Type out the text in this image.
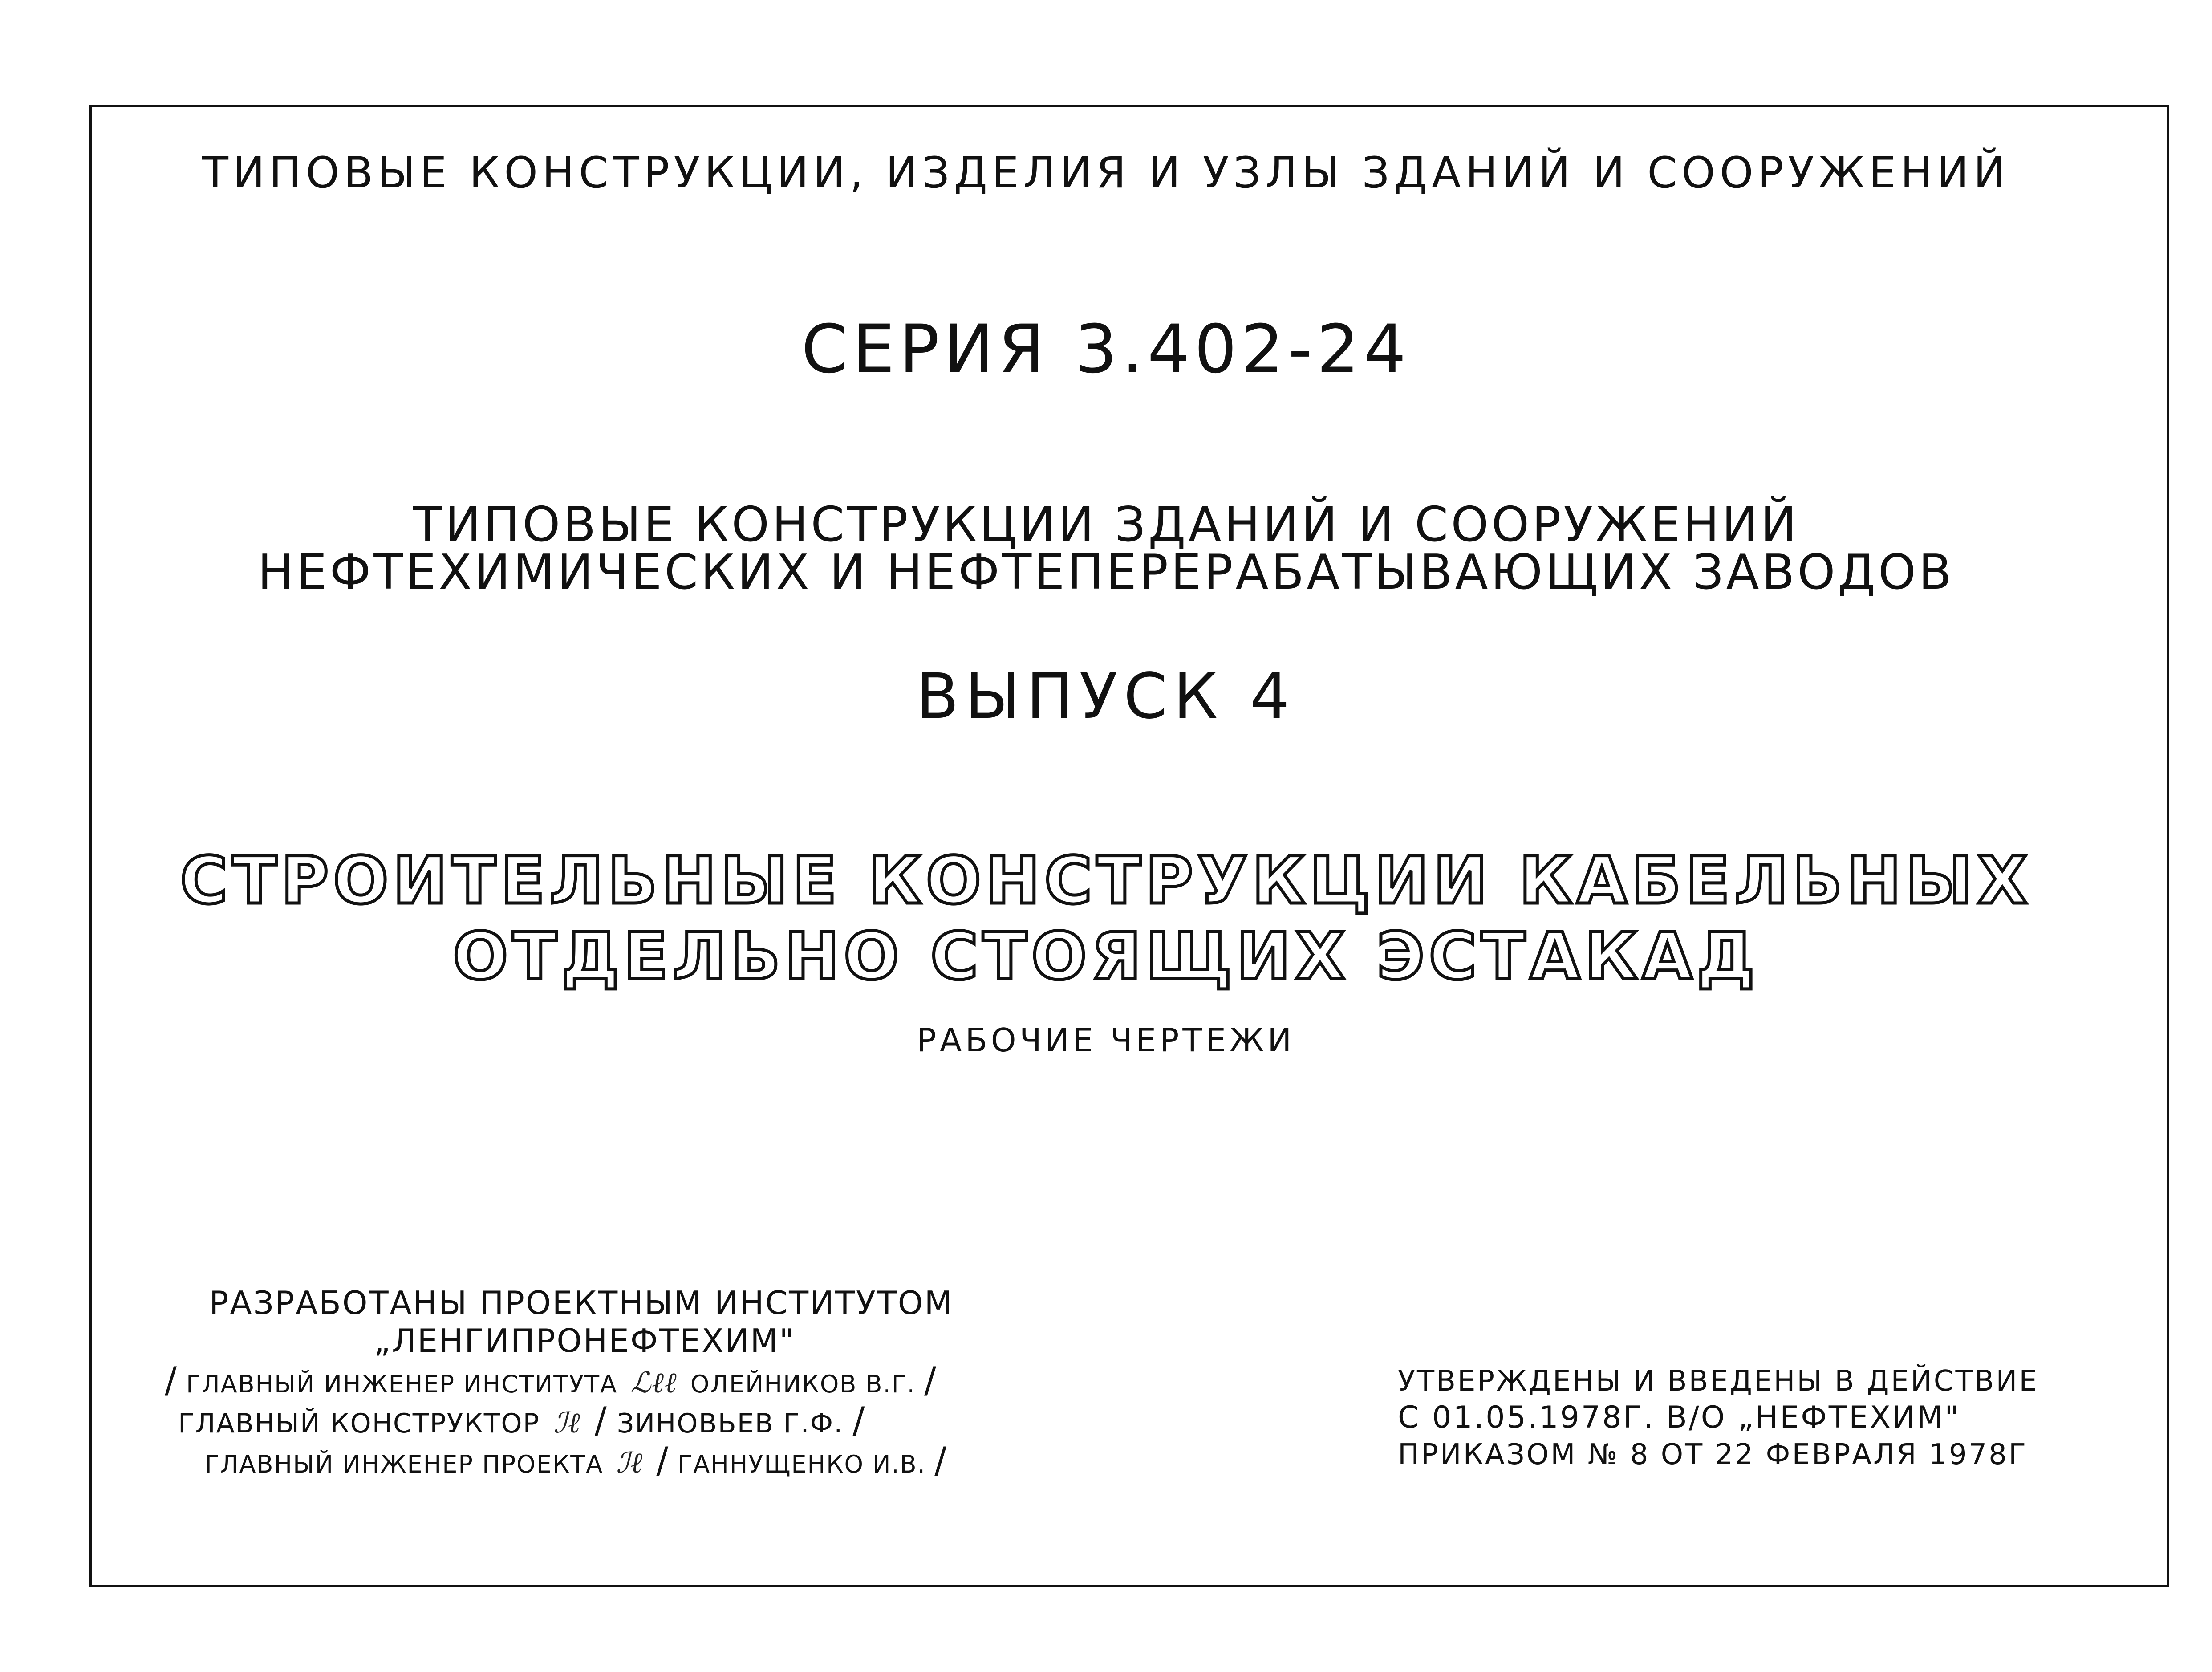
ТИПОВЫЕ КОНСТРУКЦИИ, ИЗДЕЛИЯ И УЗЛЫ ЗДАНИЙ И СООРУЖЕНИЙ
СЕРИЯ 3.402-24
ТИПОВЫЕ КОНСТРУКЦИИ ЗДАНИЙ И СООРУЖЕНИЙ
НЕФТЕХИМИЧЕСКИХ И НЕФТЕПЕРЕРАБАТЫВАЮЩИХ ЗАВОДОВ
ВЫПУСК 4
СТРОИТЕЛЬНЫЕ КОНСТРУКЦИИ КАБЕЛЬНЫХ
ОТДЕЛЬНО СТОЯЩИХ ЭСТАКАД
РАБОЧИЕ ЧЕРТЕЖИ
РАЗРАБОТАНЫ ПРОЕКТНЫМ ИНСТИТУТОМ
„ЛЕНГИПРОНЕФТЕХИМ"
/ ГЛАВНЫЙ ИНЖЕНЕР ИНСТИТУТА ℒℓℓ ОЛЕЙНИКОВ В.Г. /
ГЛАВНЫЙ КОНСТРУКТОР ℐℓ / ЗИНОВЬЕВ Г.Ф. /
ГЛАВНЫЙ ИНЖЕНЕР ПРОЕКТА ℐℓ / ГАННУЩЕНКО И.В. /
УТВЕРЖДЕНЫ И ВВЕДЕНЫ В ДЕЙСТВИЕ
С 01.05.1978Г. В/О „НЕФТЕХИМ"
ПРИКАЗОМ № 8 ОТ 22 ФЕВРАЛЯ 1978Г
